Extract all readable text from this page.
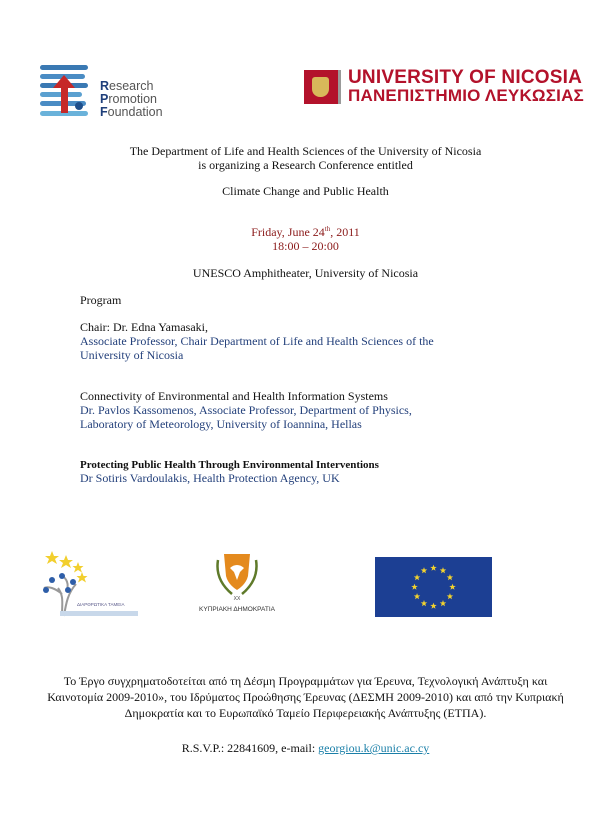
Research
Promotion
Foundation
UNIVERSITY OF NICOSIA
ΠΑΝΕΠΙΣΤΗΜΙΟ ΛΕΥΚΩΣΙΑΣ
The Department of Life and Health Sciences of the University of Nicosia
is organizing a Research Conference entitled
Climate Change and Public Health
Friday, June 24th, 2011
18:00 – 20:00
UNESCO Amphitheater, University of Nicosia
Program
Chair: Dr. Edna Yamasaki,
Associate Professor, Chair Department of Life and Health Sciences of the
University of Nicosia
Connectivity of Environmental and Health Information Systems
Dr. Pavlos Kassomenos, Associate Professor, Department of Physics,
Laboratory of Meteorology, University of Ioannina, Hellas
Protecting Public Health Through Environmental Interventions
Dr Sotiris Vardoulakis, Health Protection Agency, UK
ΔΙΑΡΘΡΩΤΙΚΑ ΤΑΜΕΙΑ
XX
ΚΥΠΡΙΑΚΗ ΔΗΜΟΚΡΑΤΙΑ
Το Έργο συγχρηματοδοτείται από τη Δέσμη Προγραμμάτων για Έρευνα, Τεχνολογική Ανάπτυξη και
Καινοτομία 2009-2010», του Ιδρύματος Προώθησης Έρευνας (ΔΕΣΜΗ 2009-2010) και από την Κυπριακή
Δημοκρατία και το Ευρωπαϊκό Ταμείο Περιφερειακής Ανάπτυξης (ΕΤΠΑ).
R.S.V.P.: 22841609, e-mail: georgiou.k@unic.ac.cy
